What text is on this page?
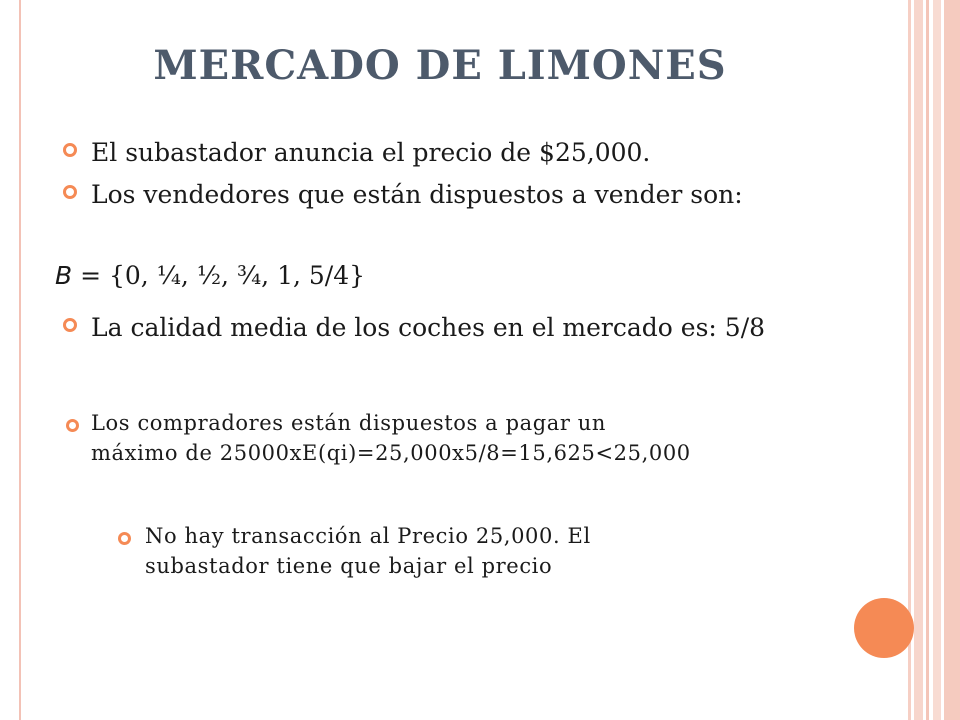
MERCADO DE LIMONES
El subastador anuncia el precio de $25,000.
Los vendedores que están dispuestos a vender son:
B = {0, ¼, ½, ¾, 1, 5/4}
La calidad media de los coches en el mercado es: 5/8
Los compradores están dispuestos a pagar un máximo de 25000xE(qi)=25,000x5/8=15,625<25,000
No hay transacción al Precio 25,000. El subastador tiene que bajar el precio
